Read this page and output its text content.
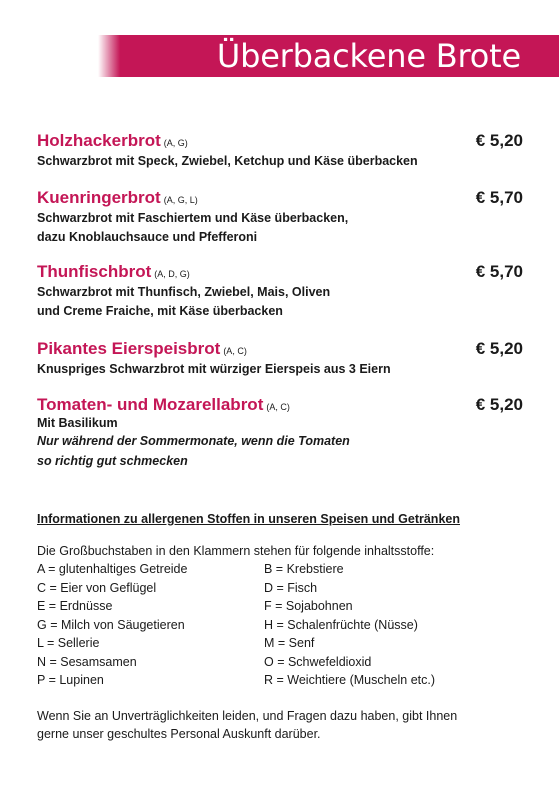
Überbackene Brote
Holzhackerbrot (A, G)	€ 5,20
Schwarzbrot mit Speck, Zwiebel, Ketchup und Käse überbacken
Kuenringerbrot (A, G, L)	€ 5,70
Schwarzbrot mit Faschiertem und Käse überbacken,
dazu Knoblauchsauce und Pfefferoni
Thunfischbrot (A, D, G)	€ 5,70
Schwarzbrot mit Thunfisch, Zwiebel, Mais, Oliven
und Creme Fraiche, mit Käse überbacken
Pikantes Eierspeisbrot (A, C)	€ 5,20
Knuspriges Schwarzbrot mit würziger Eierspeis aus 3 Eiern
Tomaten- und Mozarellabrot (A, C)	€ 5,20
Mit Basilikum
Nur während der Sommermonate, wenn die Tomaten
so richtig gut schmecken

Informationen zu allergenen Stoffen in unseren Speisen und Getränken

Die Großbuchstaben in den Klammern stehen für folgende inhaltsstoffe:
A = glutenhaltiges Getreide	B = Krebstiere
C = Eier von Geflügel	D = Fisch
E = Erdnüsse	F = Sojabohnen
G = Milch von Säugetieren	H = Schalenfrüchte (Nüsse)
L = Sellerie	M = Senf
N = Sesamsamen	O = Schwefeldioxid
P = Lupinen	R = Weichtiere (Muscheln etc.)
Wenn Sie an Unverträglichkeiten leiden, und Fragen dazu haben, gibt Ihnen
gerne unser geschultes Personal Auskunft darüber.
